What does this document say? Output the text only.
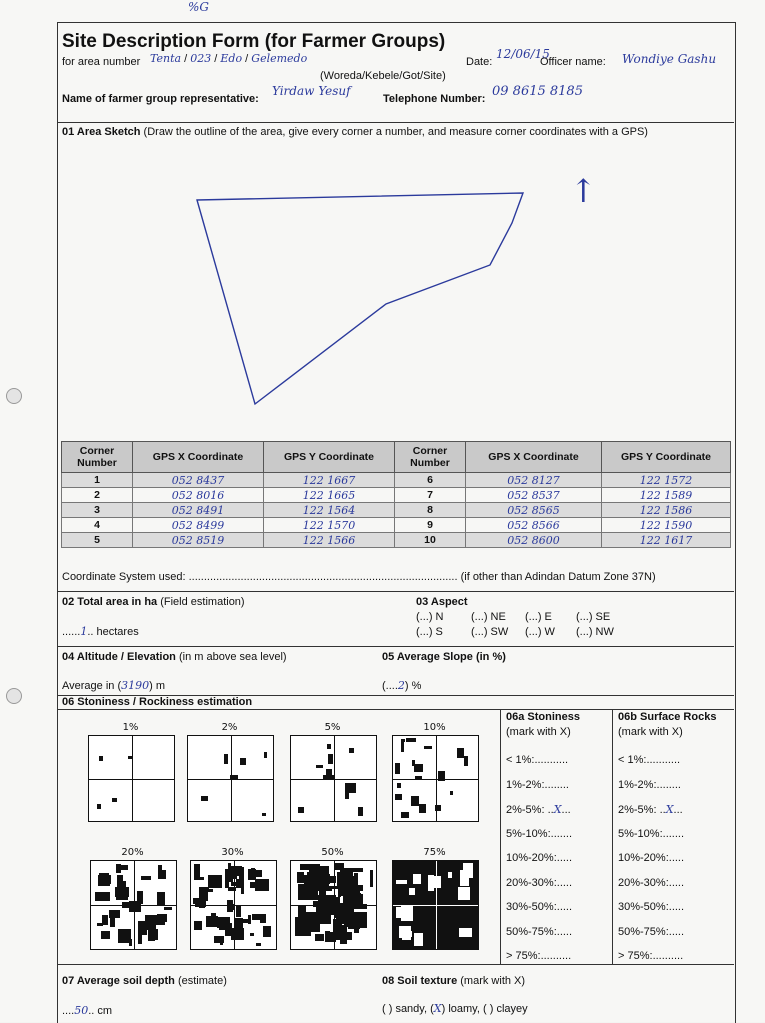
%G
Site Description Form (for Farmer Groups)
for area number Tenta / 023 / Edo / Gelemedo
(Woreda/Kebele/Got/Site)
Date:
12/06/15
Officer name: Wondiye Gashu
Name of farmer group representative:
Yirdaw Yesuf
Telephone Number: 09 8615 8185
01 Area Sketch (Draw the outline of the area, give every corner a number, and measure corner coordinates with a GPS)
↑
Corner Number	GPS X Coordinate	GPS Y Coordinate	Corner Number	GPS X Coordinate	GPS Y Coordinate
1	052 8437	122 1667	6	052 8127	122 1572
2	052 8016	122 1665	7	052 8537	122 1589
3	052 8491	122 1564	8	052 8565	122 1586
4	052 8499	122 1570	9	052 8566	122 1590
5	052 8519	122 1566	10	052 8600	122 1617
Coordinate System used: ........................................................................................ (if other than Adindan Datum Zone 37N)
02 Total area in ha (Field estimation)
......1.. hectares
03 Aspect
(...) N	(...) NE (...) E (...) SE
(...) S	(...) SW (...) W (...) NW
04 Altitude / Elevation (in m above sea level)
Average in (3190) m
05 Average Slope (in %)
(....2) %
06 Stoniness / Rockiness estimation
1%	2%	5%	10%
20%	30%	50%	75%
06a Stoniness
(mark with X)
06b Surface Rocks
(mark with X)
< 1%:...........	< 1%:...........
1%-2%:........	1%-2%:........
2%-5%: ..X...	2%-5%: ..X...
5%-10%:.......	5%-10%:.......
10%-20%:.....	10%-20%:.....
20%-30%:.....	20%-30%:.....
30%-50%:.....	30%-50%:.....
50%-75%:.....	50%-75%:.....
> 75%:..........	> 75%:..........
07 Average soil depth (estimate)
....50.. cm
08 Soil texture (mark with X)
( ) sandy, (X) loamy, ( ) clayey
